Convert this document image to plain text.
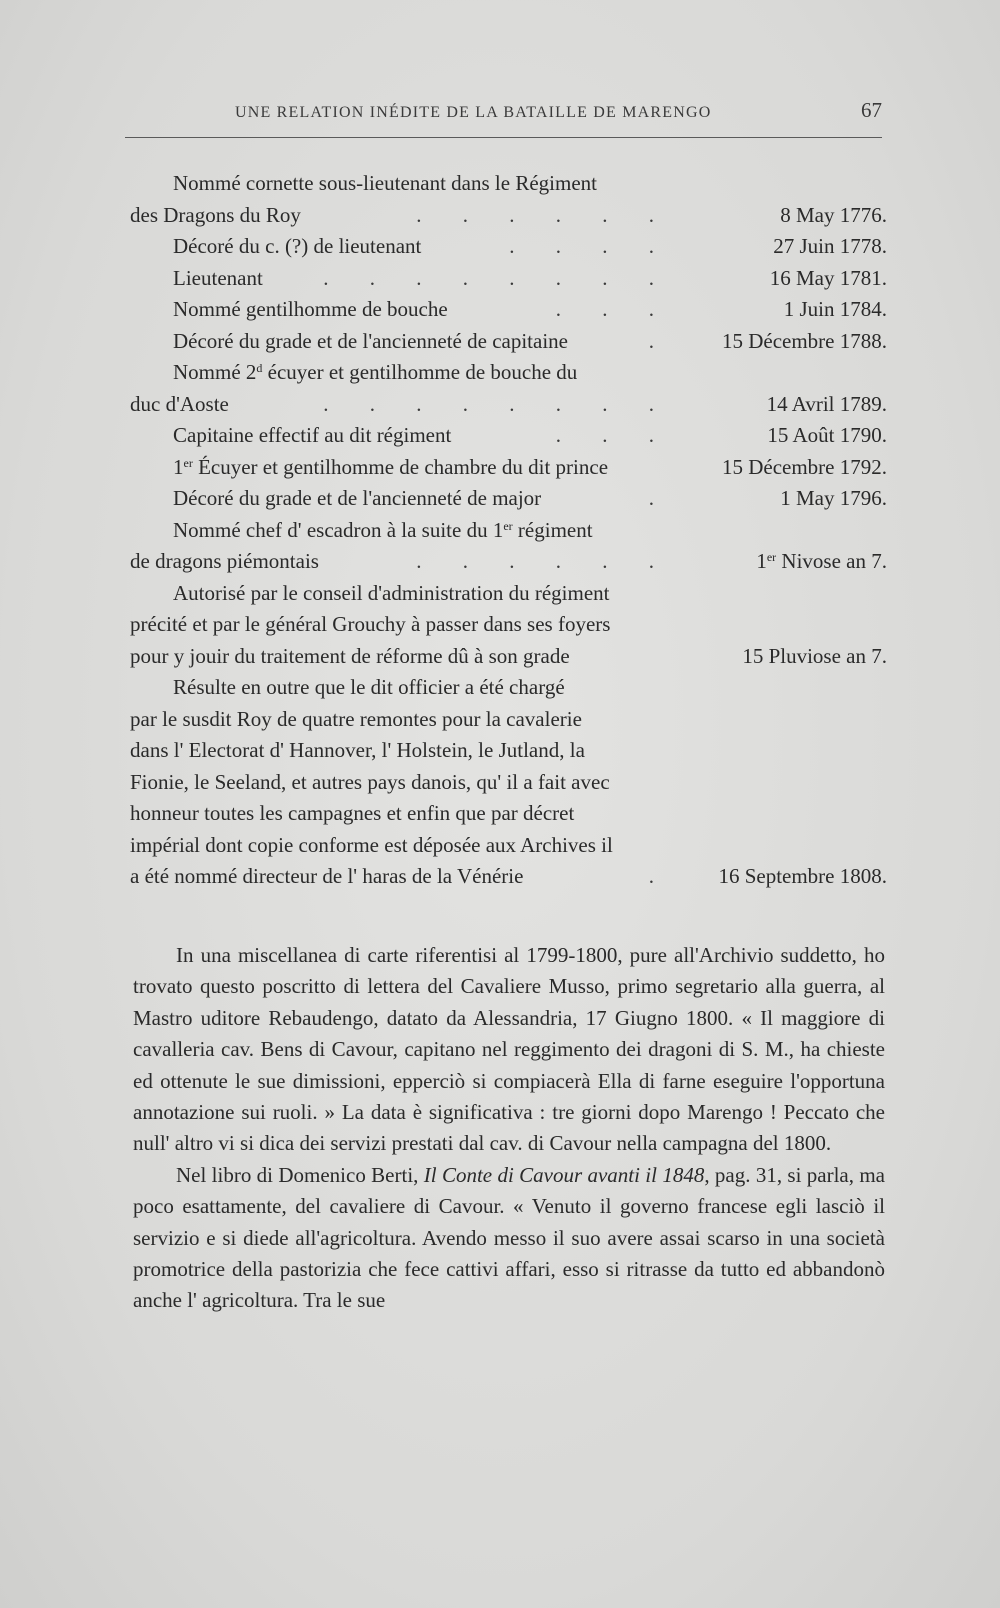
UNE RELATION INÉDITE DE LA BATAILLE DE MARENGO	67
Nommé cornette sous-lieutenant dans le Régiment
des Dragons du Roy	. . . . . .	8 May 1776.
Décoré du c. (?) de lieutenant	. . . .	27 Juin 1778.
Lieutenant	. . . . . . . .	16 May 1781.
Nommé gentilhomme de bouche	. . .	1 Juin 1784.
Décoré du grade et de l'ancienneté de capitaine	. 15 Décembre 1788.
Nommé 2$^d$ écuyer et gentilhomme de bouche du
duc d'Aoste	. . . . . . . .	14 Avril 1789.
Capitaine effectif au dit régiment	. . .	15 Août 1790.
1er Écuyer et gentilhomme de chambre du dit prince	15 Décembre 1792.
Décoré du grade et de l'ancienneté de major	.	1 May 1796.
Nommé chef d' escadron à la suite du 1er régiment
de dragons piémontais	. . . . . .	1er Nivose an 7.
Autorisé par le conseil d'administration du régiment
précité et par le général Grouchy à passer dans ses foyers
pour y jouir du traitement de réforme dû à son grade	15 Pluviose an 7.
Résulte en outre que le dit officier a été chargé
par le susdit Roy de quatre remontes pour la cavalerie
dans l' Electorat d' Hannover, l' Holstein, le Jutland, la
Fionie, le Seeland, et autres pays danois, qu' il a fait avec
honneur toutes les campagnes et enfin que par décret
impérial dont copie conforme est déposée aux Archives il
a été nommé directeur de l' haras de la Vénérie	. 16 Septembre 1808.

In una miscellanea di carte riferentisi al 1799-1800, pure all'Archivio suddetto, ho trovato questo poscritto di lettera del Cavaliere Musso, primo segretario alla guerra, al Mastro uditore Rebaudengo, datato da Alessandria, 17 Giugno 1800. « Il maggiore di cavalleria cav. Bens di Cavour, capitano nel reggimento dei dragoni di S. M., ha chieste ed ottenute le sue dimissioni, epperciò si compiacerà Ella di farne eseguire l'opportuna annotazione sui ruoli. » La data è significativa : tre giorni dopo Marengo ! Peccato che null' altro vi si dica dei servizi prestati dal cav. di Cavour nella campagna del 1800.

Nel libro di Domenico Berti, Il Conte di Cavour avanti il 1848, pag. 31, si parla, ma poco esattamente, del cavaliere di Cavour. « Venuto il governo francese egli lasciò il servizio e si diede all'agricoltura. Avendo messo il suo avere assai scarso in una società promotrice della pastorizia che fece cattivi affari, esso si ritrasse da tutto ed abbandonò anche l' agricoltura. Tra le sue
